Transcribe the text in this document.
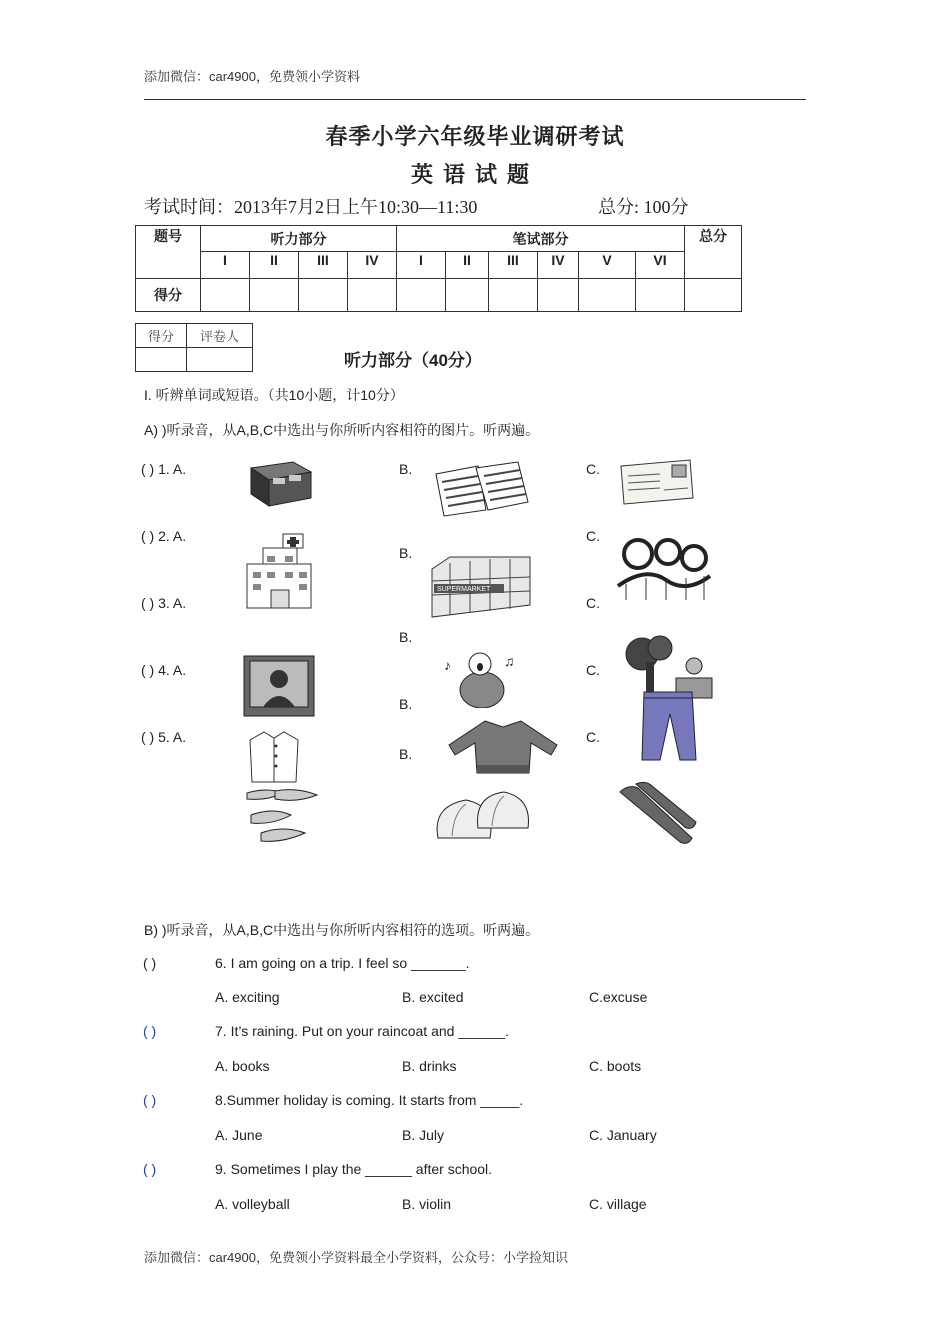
添加微信：car4900，免费领小学资料
春季小学六年级毕业调研考试
英语试题
考试时间：2013年7月2日上午10:30—11:30	总分: 100分
题号	听力部分				笔试部分						总分
	I	II	III	IV	I	II	III	IV	V	VI	
得分											
得分	评卷人

听力部分（40分）
I. 听辨单词或短语。（共10小题，计10分）
A) )听录音，从A,B,C中选出与你所听内容相符的图片。听两遍。
( ) 1. A.	B.	C.
( ) 2. A.
B.
C.
( ) 3. A.
B.
C.
( ) 4. A.
B.
C.
( ) 5. A.
B.
C.
SUPERMARKET
♪	♫
B) )听录音，从A,B,C中选出与你所听内容相符的选项。听两遍。
( )	6. I am going on a trip. I feel so _______.
A. exciting	B. excited	C.excuse
( )	7. It’s raining. Put on your raincoat and ______.
A. books	B. drinks	C. boots
( )	8.Summer holiday is coming. It starts from _____.
A. June	B. July	C. January
( )	9. Sometimes I play the ______ after school.
A. volleyball	B. violin	C. village
添加微信：car4900，免费领小学资料最全小学资料，公众号：小学捡知识
